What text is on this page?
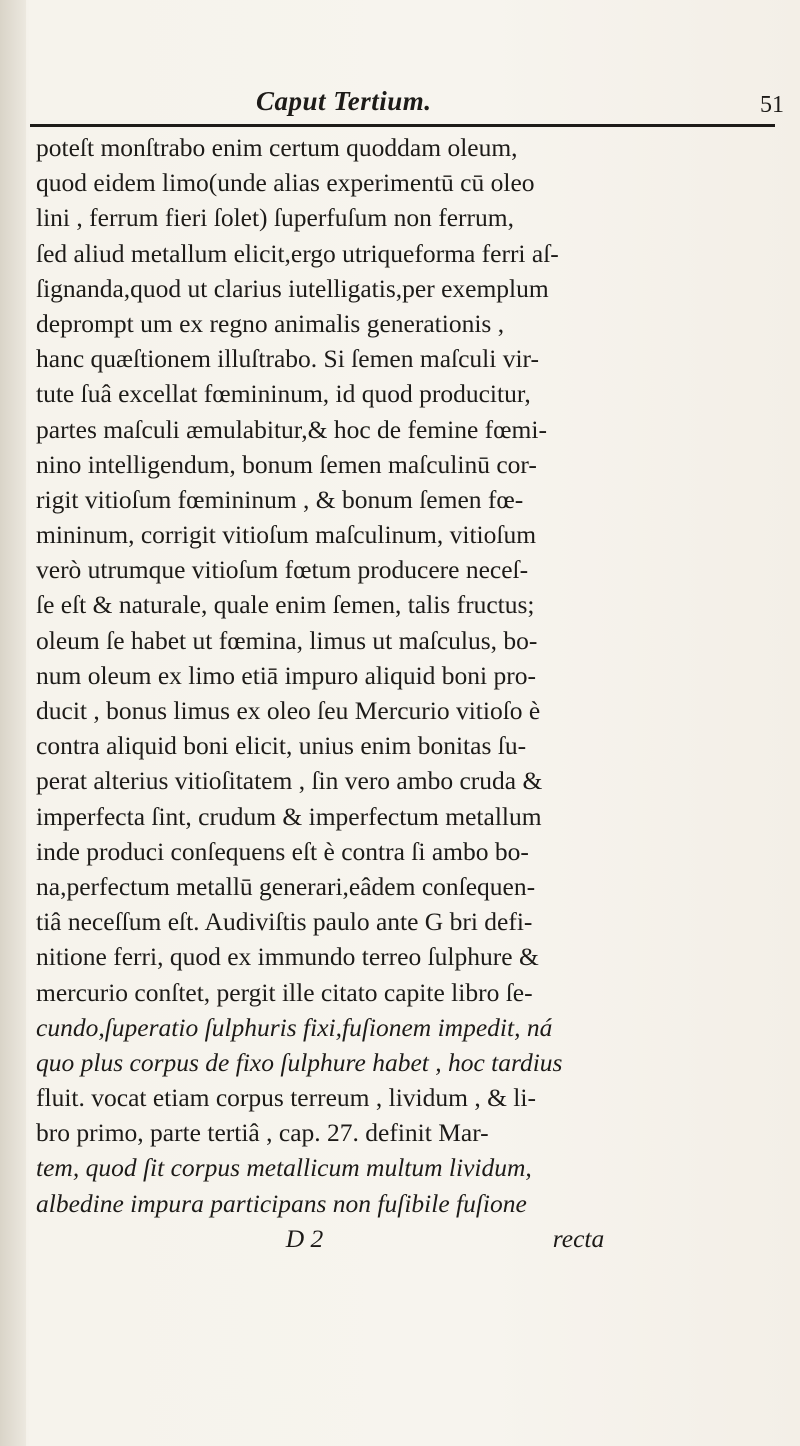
Caput Tertium.	51
poteſt monſtrabo enim certum quoddam oleum,
quod eidem limo(unde alias experimentū cū oleo
lini , ferrum fieri ſolet) ſuperfuſum non ferrum,
ſed aliud metallum elicit,ergo utriqueforma ferri aſ-
ſignanda,quod ut clarius iutelligatis,per exemplum
deprompt um ex regno animalis generationis ,
hanc quæſtionem illuſtrabo. Si ſemen maſculi vir-
tute ſuâ excellat fœmininum, id quod producitur,
partes maſculi æmulabitur,& hoc de femine fœmi-
nino intelligendum, bonum ſemen maſculinū cor-
rigit vitioſum fœmininum , & bonum ſemen fœ-
mininum, corrigit vitioſum maſculinum, vitioſum
verò utrumque vitioſum fœtum producere neceſ-
ſe eſt & naturale, quale enim ſemen, talis fructus;
oleum ſe habet ut fœmina, limus ut maſculus, bo-
num oleum ex limo etiā impuro aliquid boni pro-
ducit , bonus limus ex oleo ſeu Mercurio vitioſo è
contra aliquid boni elicit, unius enim bonitas ſu-
perat alterius vitioſitatem , ſin vero ambo cruda &
imperfecta ſint, crudum & imperfectum metallum
inde produci conſequens eſt è contra ſi ambo bo-
na,perfectum metallū generari,eâdem conſequen-
tiâ neceſſum eſt. Audiviſtis paulo ante G bri defi-
nitione ferri, quod ex immundo terreo ſulphure &
mercurio conſtet, pergit ille citato capite libro ſe-
cundo,ſuperatio ſulphuris fixi,fuſionem impedit, ná
quo plus corpus de fixo ſulphure habet , hoc tardius
fluit. vocat etiam corpus terreum , lividum , & li-
bro primo, parte tertiâ , cap. 27. definit Mar-
tem, quod ſit corpus metallicum multum lividum,
albedine impura participans non fuſibile fuſione
D 2                                    recta
